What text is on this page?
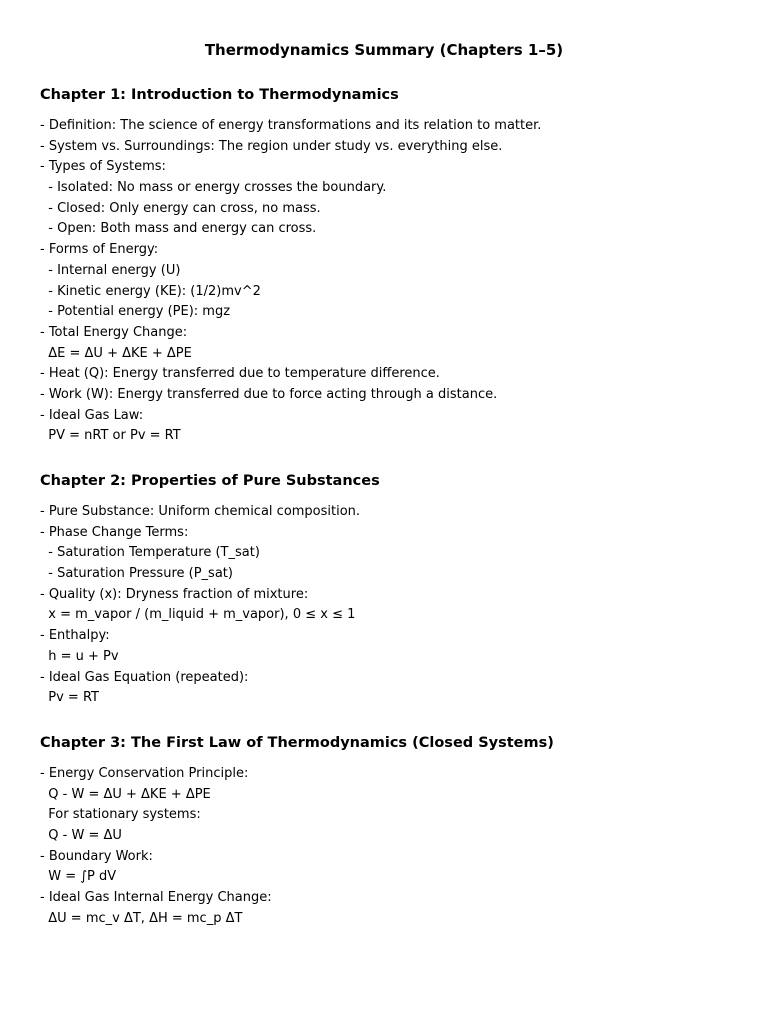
Thermodynamics Summary (Chapters 1–5)
Chapter 1: Introduction to Thermodynamics
- Definition: The science of energy transformations and its relation to matter.
- System vs. Surroundings: The region under study vs. everything else.
- Types of Systems:
- Isolated: No mass or energy crosses the boundary.
- Closed: Only energy can cross, no mass.
- Open: Both mass and energy can cross.
- Forms of Energy:
- Internal energy (U)
- Kinetic energy (KE): (1/2)mv^2
- Potential energy (PE): mgz
- Total Energy Change:
ΔE = ΔU + ΔKE + ΔPE
- Heat (Q): Energy transferred due to temperature difference.
- Work (W): Energy transferred due to force acting through a distance.
- Ideal Gas Law:
PV = nRT or Pv = RT
Chapter 2: Properties of Pure Substances
- Pure Substance: Uniform chemical composition.
- Phase Change Terms:
- Saturation Temperature (T_sat)
- Saturation Pressure (P_sat)
- Quality (x): Dryness fraction of mixture:
x = m_vapor / (m_liquid + m_vapor), 0 ≤ x ≤ 1
- Enthalpy:
h = u + Pv
- Ideal Gas Equation (repeated):
Pv = RT
Chapter 3: The First Law of Thermodynamics (Closed Systems)
- Energy Conservation Principle:
Q - W = ΔU + ΔKE + ΔPE
For stationary systems:
Q - W = ΔU
- Boundary Work:
W = ∫P dV
- Ideal Gas Internal Energy Change:
ΔU = mc_v ΔT, ΔH = mc_p ΔT
